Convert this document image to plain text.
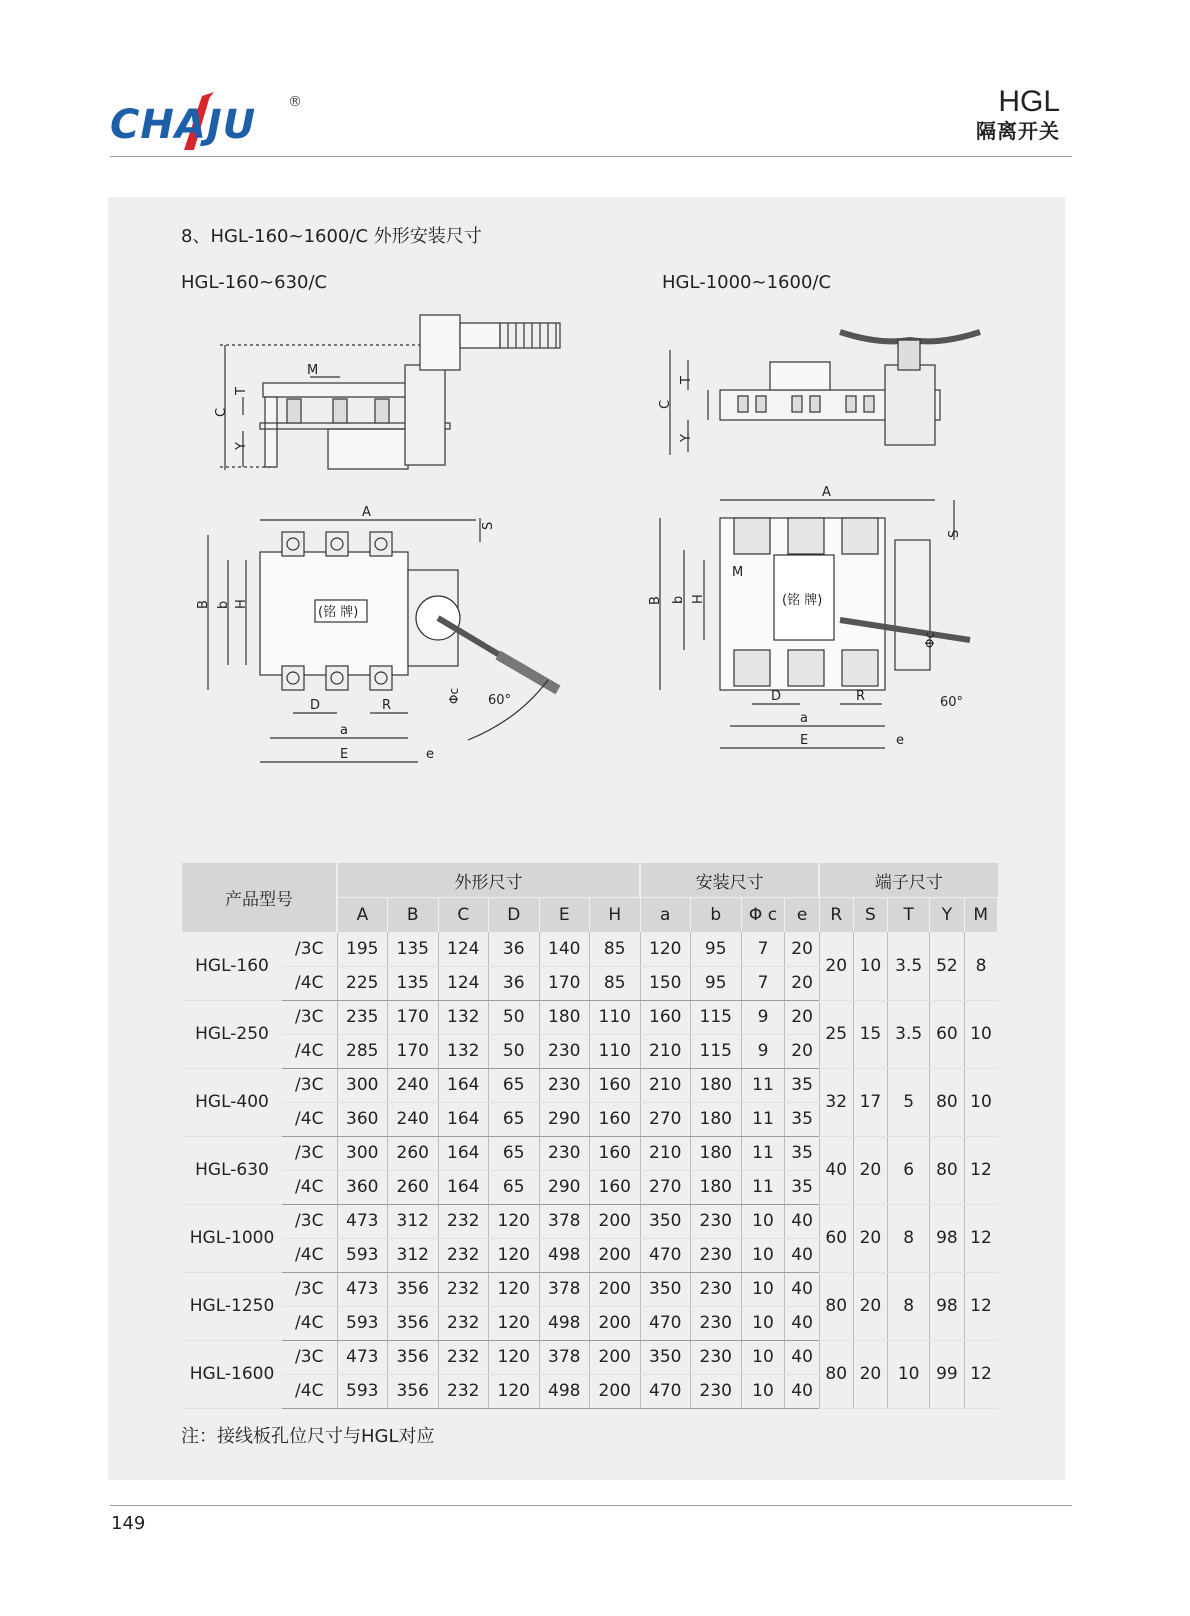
CHAJU ®	HGL
隔离开关
8、HGL-160~1600/C 外形安装尺寸
HGL-160~630/C	HGL-1000~1600/C
M
C
T
Y
A
(铭 牌)
B b H
D	R
a
E	e
Φc 60°
S
C
T
Y
A
(铭 牌)
B b H
M
D	R
a
E	e
60°
S
Φc
产品型号		外形尺寸						安装尺寸				端子尺寸				
		A	B	C	D	E	H	a	b	Φ c	e	R	S	T	Y	M
HGL-160	/3C	195	135	124	36	140	85	120	95	7	20	20	10	3.5	52	8
	/4C	225	135	124	36	170	85	150	95	7	20					
HGL-250	/3C	235	170	132	50	180	110	160	115	9	20	25	15	3.5	60	10
	/4C	285	170	132	50	230	110	210	115	9	20					
HGL-400	/3C	300	240	164	65	230	160	210	180	11	35	32	17	5	80	10
	/4C	360	240	164	65	290	160	270	180	11	35					
HGL-630	/3C	300	260	164	65	230	160	210	180	11	35	40	20	6	80	12
	/4C	360	260	164	65	290	160	270	180	11	35					
HGL-1000	/3C	473	312	232	120	378	200	350	230	10	40	60	20	8	98	12
	/4C	593	312	232	120	498	200	470	230	10	40					
HGL-1250	/3C	473	356	232	120	378	200	350	230	10	40	80	20	8	98	12
	/4C	593	356	232	120	498	200	470	230	10	40					
HGL-1600	/3C	473	356	232	120	378	200	350	230	10	40	80	20	10	99	12
	/4C	593	356	232	120	498	200	470	230	10	40					
注：接线板孔位尺寸与HGL对应
149
